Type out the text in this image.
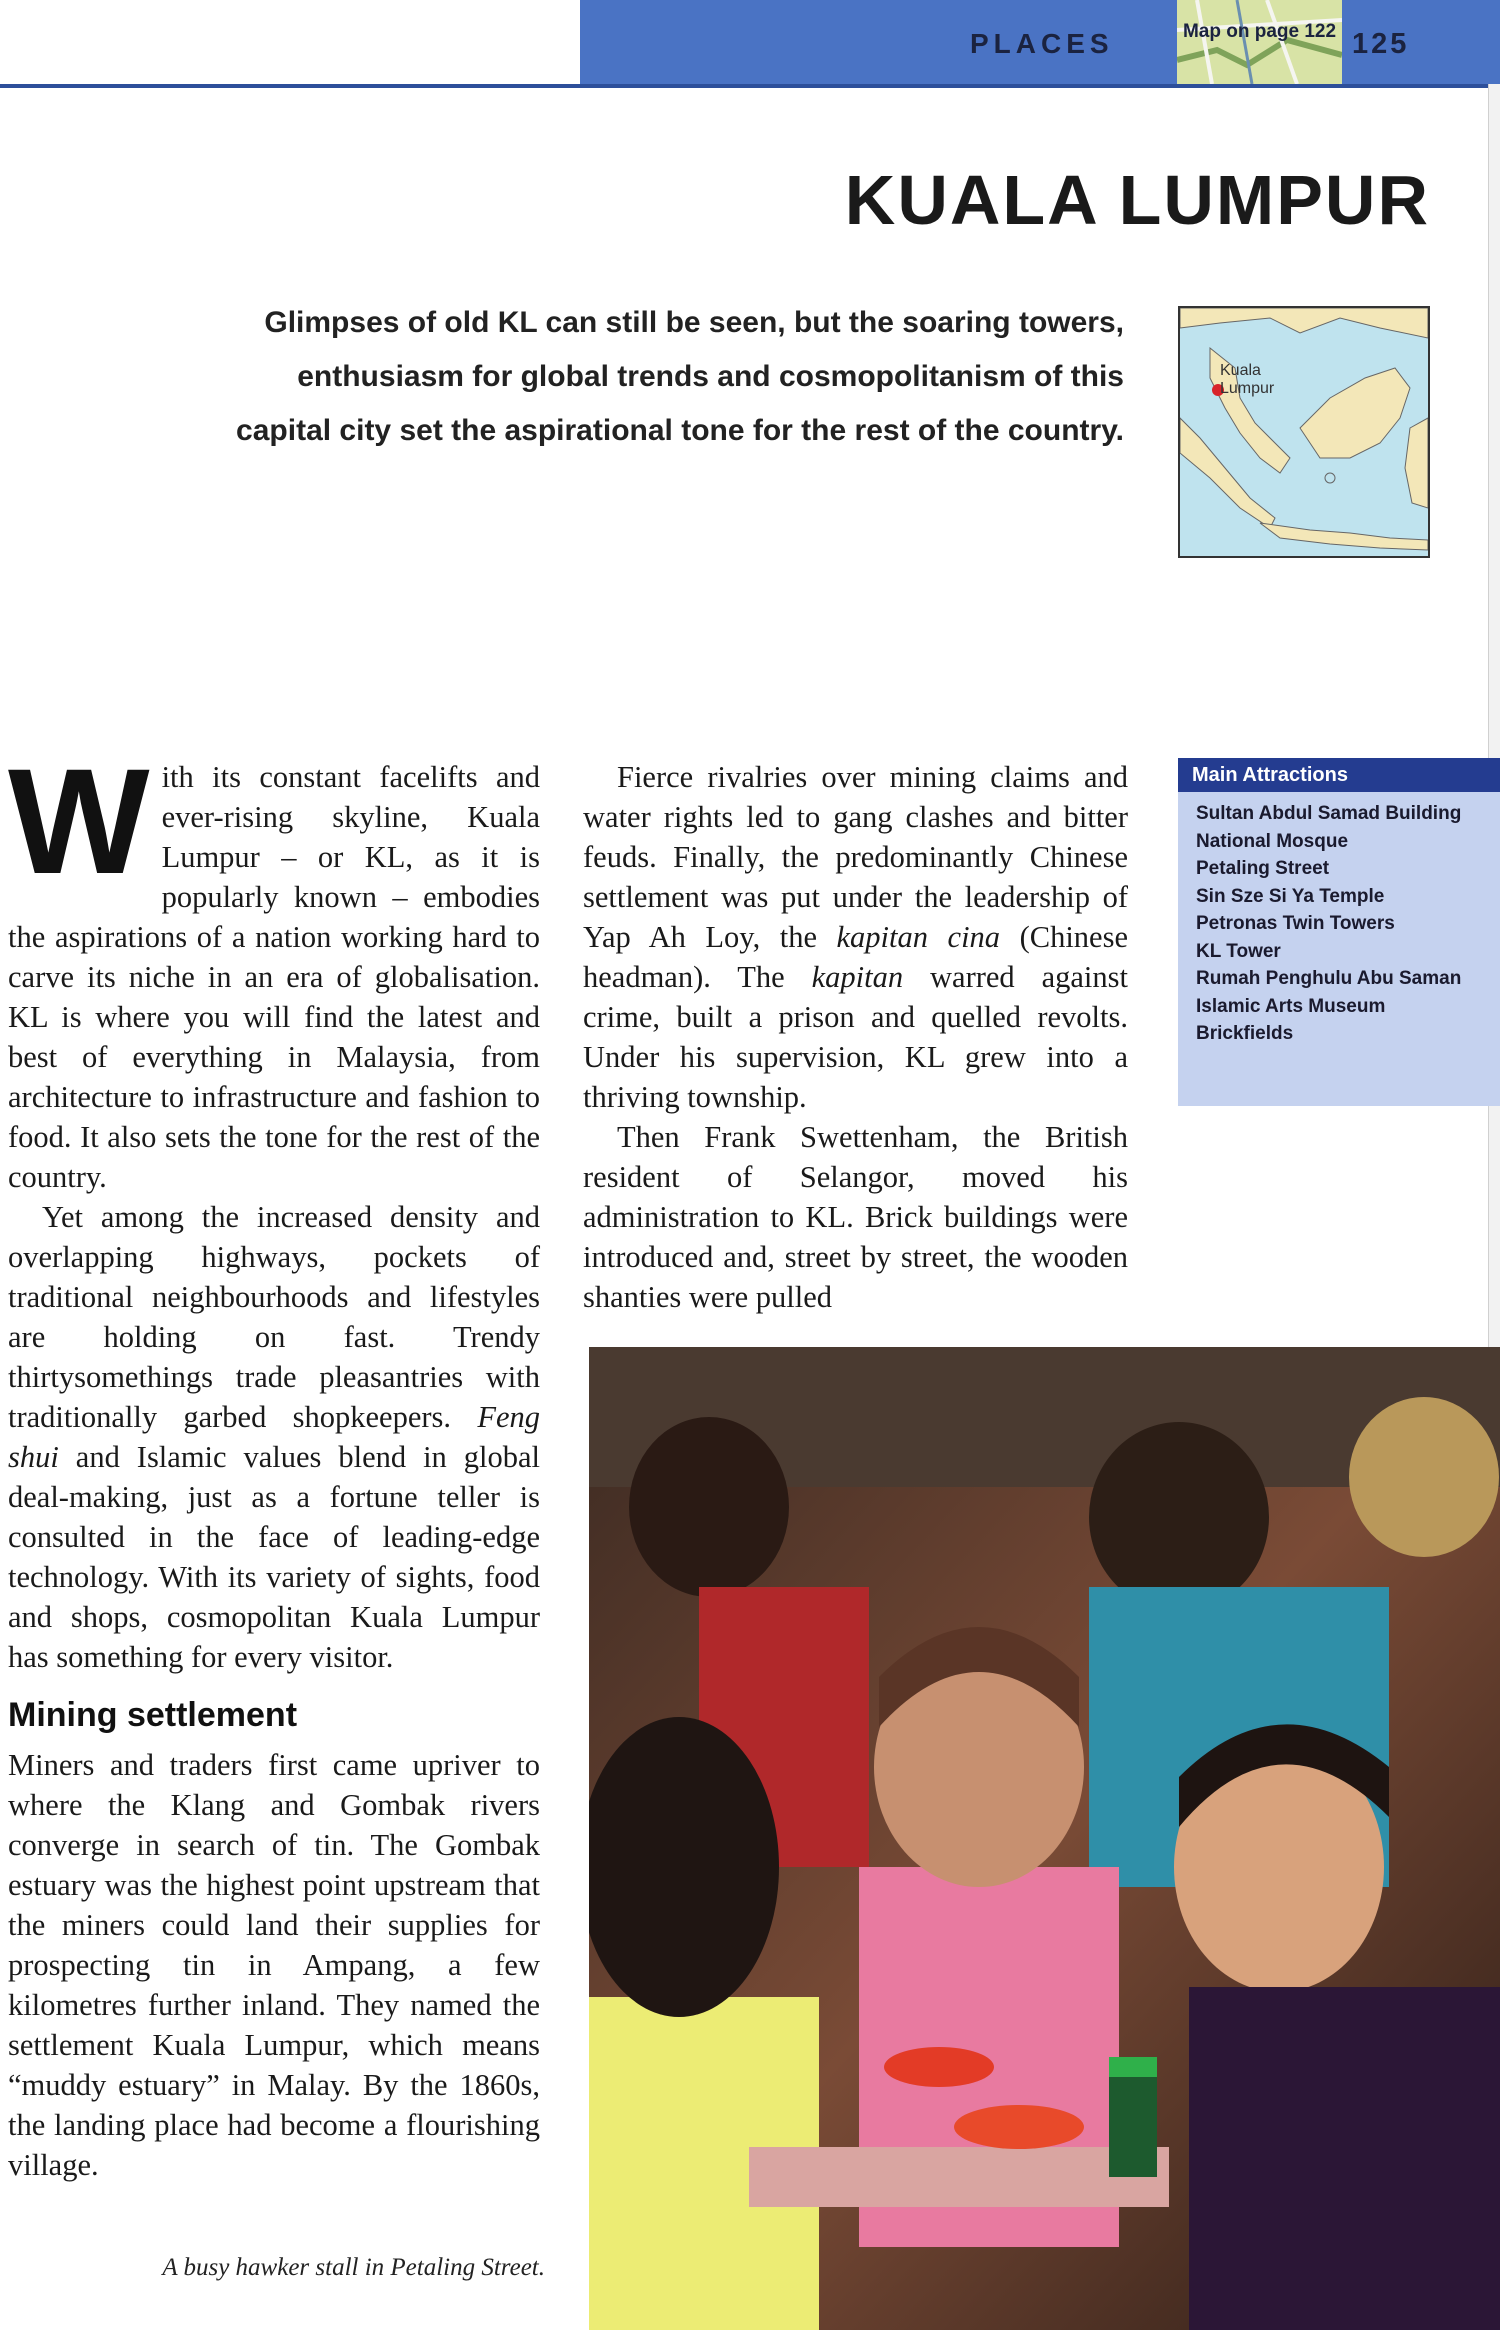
PLACES	Map on page 122 125
KUALA LUMPUR
Glimpses of old KL can still be seen, but the soaring towers, enthusiasm for global trends and cosmopolitanism of this capital city set the aspirational tone for the rest of the country.
Kuala Lumpur

With its constant facelifts and ever-rising skyline, Kuala Lumpur – or KL, as it is popularly known – embodies the aspirations of a nation working hard to carve its niche in an era of globalisation. KL is where you will find the latest and best of everything in Malaysia, from architecture to infrastructure and fashion to food. It also sets the tone for the rest of the country.

Yet among the increased density and overlapping highways, pockets of traditional neighbourhoods and lifestyles are holding on fast. Trendy thirtysomethings trade pleasantries with traditionally garbed shopkeepers. Feng shui and Islamic values blend in global deal-making, just as a fortune teller is consulted in the face of leading-edge technology. With its variety of sights, food and shops, cosmopolitan Kuala Lumpur has something for every visitor.

Mining settlement

Miners and traders first came upriver to where the Klang and Gombak rivers converge in search of tin. The Gombak estuary was the highest point upstream that the miners could land their supplies for prospecting tin in Ampang, a few kilometres further inland. They named the settlement Kuala Lumpur, which means “muddy estuary” in Malay. By the 1860s, the landing place had become a flourishing village.

A busy hawker stall in Petaling Street.

Fierce rivalries over mining claims and water rights led to gang clashes and bitter feuds. Finally, the predominantly Chinese settlement was put under the leadership of Yap Ah Loy, the kapitan cina (Chinese headman). The kapitan warred against crime, built a prison and quelled revolts. Under his supervision, KL grew into a thriving township.

Then Frank Swettenham, the British resident of Selangor, moved his administration to KL. Brick buildings were introduced and, street by street, the wooden shanties were pulled

Main Attractions
Sultan Abdul Samad Building
National Mosque
Petaling Street
Sin Sze Si Ya Temple
Petronas Twin Towers
KL Tower
Rumah Penghulu Abu Saman
Islamic Arts Museum
Brickfields
